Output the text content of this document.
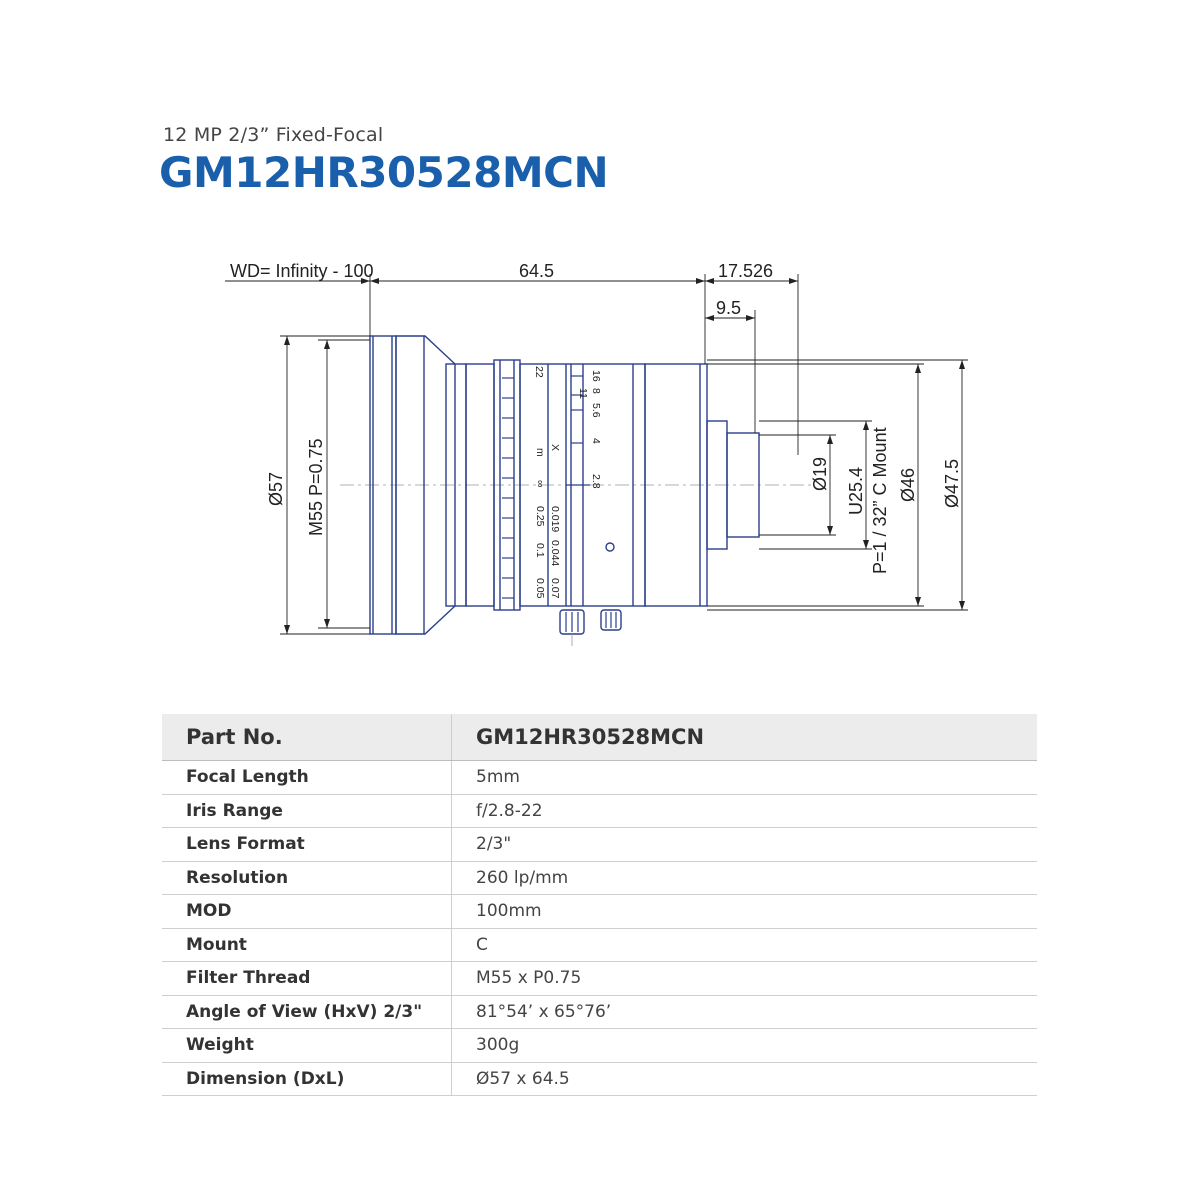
12 MP 2/3” Fixed-Focal
GM12HR30528MCN
22
X
m
∞
0.019
0.25
0.044
0.1
0.07
0.05
16
8
5.6
4
2.8
11
WD= Infinity - 100	64.5	17.526
9.5
Ø57 M55 P=0.75	Ø19 U25.4 P=1 / 32” C Mount Ø46 Ø47.5
Part No.	GM12HR30528MCN
Focal Length	5mm
Iris Range	f/2.8-22
Lens Format	2/3"
Resolution	260 lp/mm
MOD	100mm
Mount	C
Filter Thread	M55 x P0.75
Angle of View (HxV) 2/3"	81°54’ x 65°76’
Weight	300g
Dimension (DxL)	Ø57 x 64.5
